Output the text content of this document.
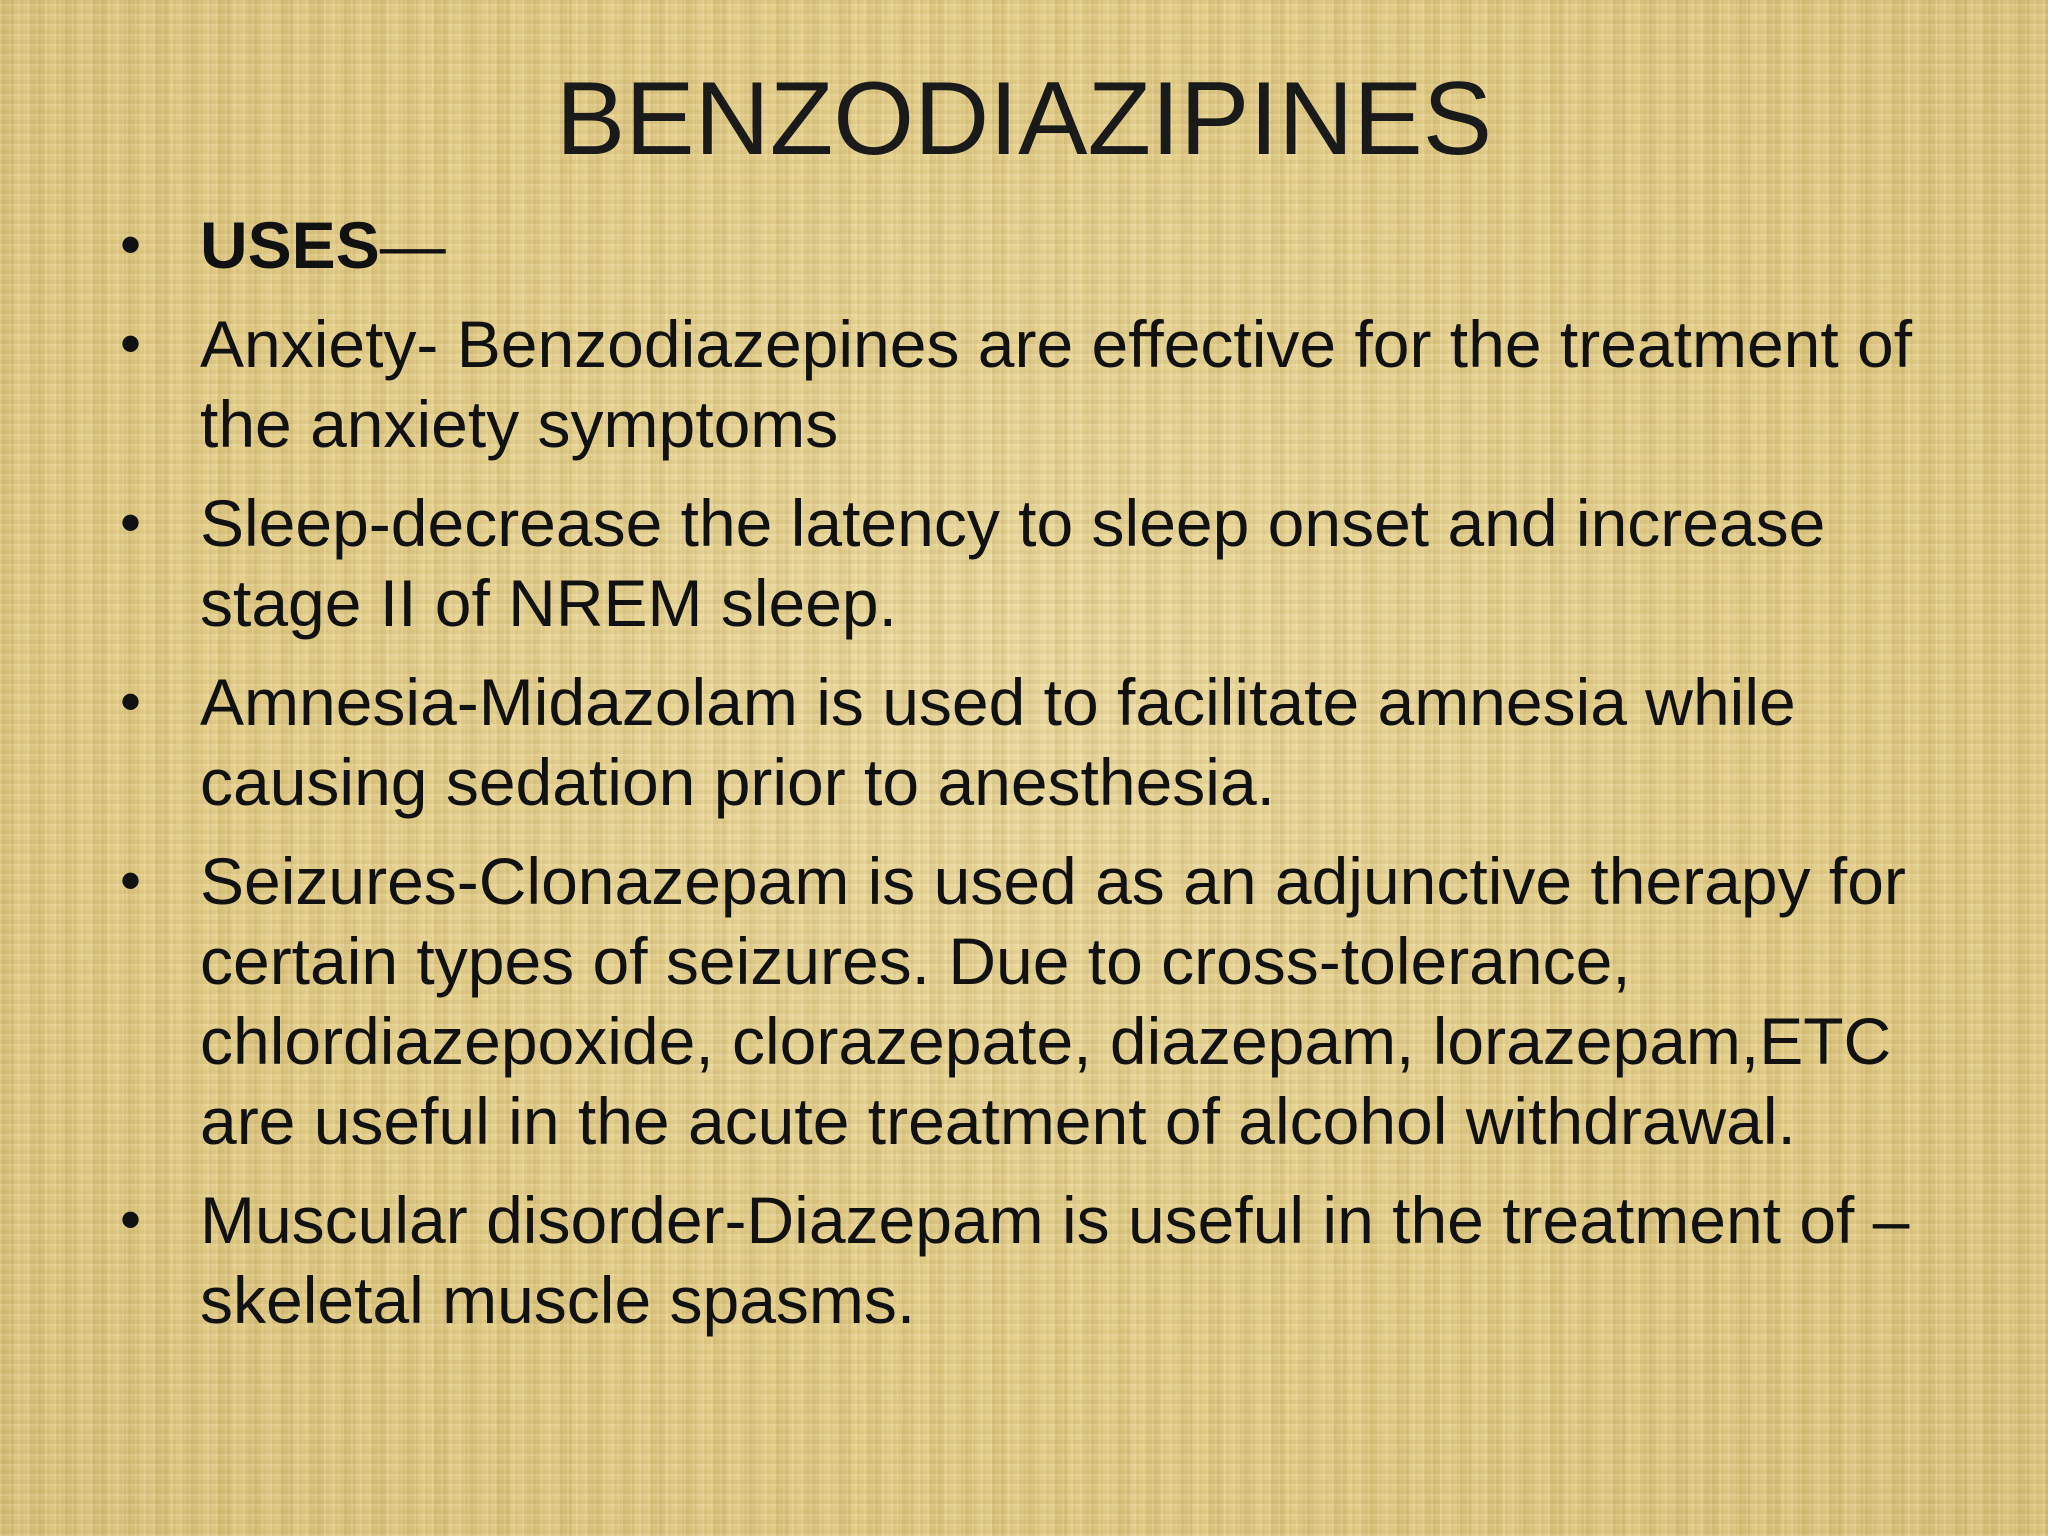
BENZODIAZIPINES
• USES—
• Anxiety- Benzodiazepines are effective for the treatment of the anxiety symptoms
• Sleep-decrease the latency to sleep onset and increase stage II of NREM sleep.
• Amnesia-Midazolam is used to facilitate amnesia while causing sedation prior to anesthesia.
• Seizures-Clonazepam is used as an adjunctive therapy for certain types of seizures. Due to cross-tolerance, chlordiazepoxide, clorazepate, diazepam, lorazepam,ETC are useful in the acute treatment of alcohol withdrawal.
• Muscular disorder-Diazepam is useful in the treatment of – skeletal muscle spasms.
